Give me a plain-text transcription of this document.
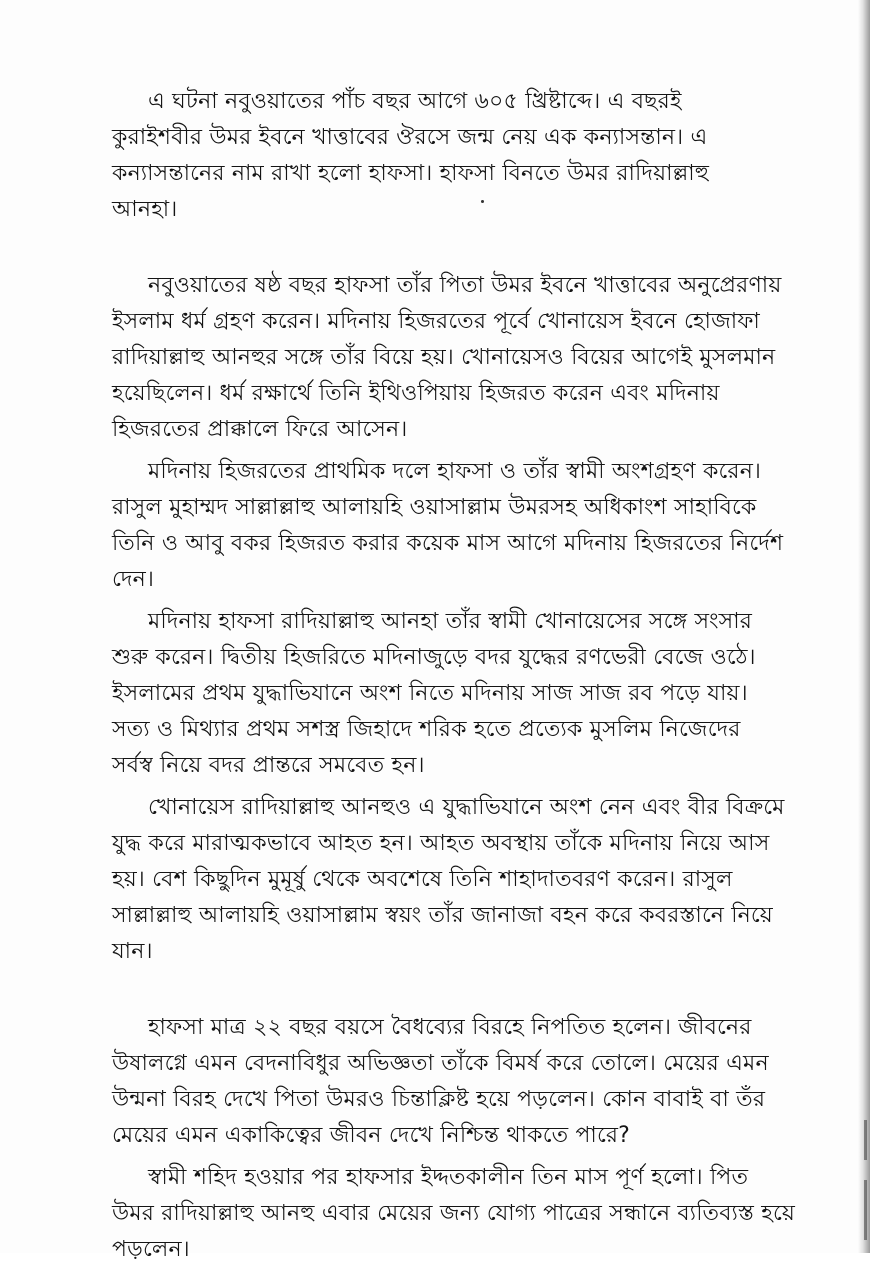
এ ঘটনা নবুওয়াতের পাঁচ বছর আগে ৬০৫ খ্রিষ্টাব্দে। এ বছরই
কুরাইশবীর উমর ইবনে খাত্তাবের ঔরসে জন্ম নেয় এক কন্যাসন্তান। এ
কন্যাসন্তানের নাম রাখা হলো হাফসা। হাফসা বিনতে উমর রাদিয়াল্লাহু
আনহা।
নবুওয়াতের ষষ্ঠ বছর হাফসা তাঁর পিতা উমর ইবনে খাত্তাবের অনুপ্রেরণায়
ইসলাম ধর্ম গ্রহণ করেন। মদিনায় হিজরতের পূর্বে খোনায়েস ইবনে হোজাফা
রাদিয়াল্লাহু আনহুর সঙ্গে তাঁর বিয়ে হয়। খোনায়েসও বিয়ের আগেই মুসলমান
হয়েছিলেন। ধর্ম রক্ষার্থে তিনি ইথিওপিয়ায় হিজরত করেন এবং মদিনায়
হিজরতের প্রাক্কালে ফিরে আসেন।
মদিনায় হিজরতের প্রাথমিক দলে হাফসা ও তাঁর স্বামী অংশগ্রহণ করেন।
রাসুল মুহাম্মদ সাল্লাল্লাহু আলায়হি ওয়াসাল্লাম উমরসহ অধিকাংশ সাহাবিকে
তিনি ও আবু বকর হিজরত করার কয়েক মাস আগে মদিনায় হিজরতের নির্দেশ
দেন।
মদিনায় হাফসা রাদিয়াল্লাহু আনহা তাঁর স্বামী খোনায়েসের সঙ্গে সংসার
শুরু করেন। দ্বিতীয় হিজরিতে মদিনাজুড়ে বদর যুদ্ধের রণভেরী বেজে ওঠে।
ইসলামের প্রথম যুদ্ধাভিযানে অংশ নিতে মদিনায় সাজ সাজ রব পড়ে যায়।
সত্য ও মিথ্যার প্রথম সশস্ত্র জিহাদে শরিক হতে প্রত্যেক মুসলিম নিজেদের
সর্বস্ব নিয়ে বদর প্রান্তরে সমবেত হন।
খোনায়েস রাদিয়াল্লাহু আনহুও এ যুদ্ধাভিযানে অংশ নেন এবং বীর বিক্রমে
যুদ্ধ করে মারাত্মকভাবে আহত হন। আহত অবস্থায় তাঁকে মদিনায় নিয়ে আস
হয়। বেশ কিছুদিন মুমূর্ষু থেকে অবশেষে তিনি শাহাদাতবরণ করেন। রাসুল
সাল্লাল্লাহু আলায়হি ওয়াসাল্লাম স্বয়ং তাঁর জানাজা বহন করে কবরস্তানে নিয়ে
যান।
হাফসা মাত্র ২২ বছর বয়সে বৈধব্যের বিরহে নিপতিত হলেন। জীবনের
উষালগ্নে এমন বেদনাবিধুর অভিজ্ঞতা তাঁকে বিমর্ষ করে তোলে। মেয়ের এমন
উন্মনা বিরহ দেখে পিতা উমরও চিন্তাক্লিষ্ট হয়ে পড়লেন। কোন বাবাই বা তঁর
মেয়ের এমন একাকিত্বের জীবন দেখে নিশ্চিন্ত থাকতে পারে?
স্বামী শহিদ হওয়ার পর হাফসার ইদ্দতকালীন তিন মাস পূর্ণ হলো। পিত
উমর রাদিয়াল্লাহু আনহু এবার মেয়ের জন্য যোগ্য পাত্রের সন্ধানে ব্যতিব্যস্ত হয়ে
পড়লেন।
